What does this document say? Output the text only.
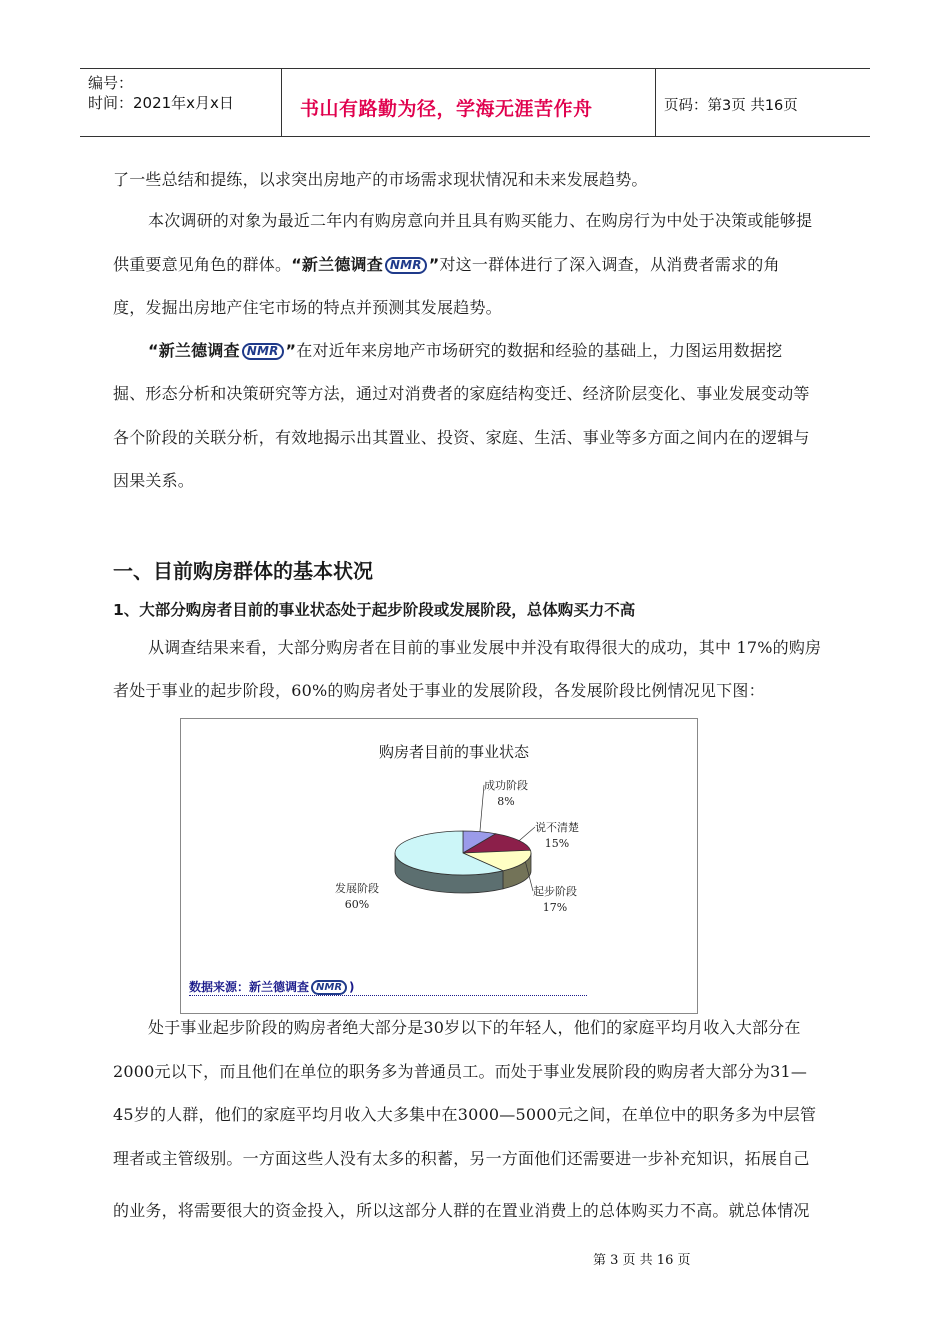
编号：
时间：2021年x月x日	书山有路勤为径，学海无涯苦作舟	页码：第3页 共16页
了一些总结和提练，以求突出房地产的市场需求现状情况和未来发展趋势。
本次调研的对象为最近二年内有购房意向并且具有购买能力、在购房行为中处于决策或能够提
供重要意见角色的群体。“新兰德调查 NMR ”对这一群体进行了深入调查，从消费者需求的角
度，发掘出房地产住宅市场的特点并预测其发展趋势。
“新兰德调查 NMR ”在对近年来房地产市场研究的数据和经验的基础上，力图运用数据挖
掘、形态分析和决策研究等方法，通过对消费者的家庭结构变迁、经济阶层变化、事业发展变动等
各个阶段的关联分析，有效地揭示出其置业、投资、家庭、生活、事业等多方面之间内在的逻辑与
因果关系。
一、目前购房群体的基本状况
1、大部分购房者目前的事业状态处于起步阶段或发展阶段，总体购买力不高
从调查结果来看，大部分购房者在目前的事业发展中并没有取得很大的成功，其中 17%的购房
者处于事业的起步阶段，60%的购房者处于事业的发展阶段，各发展阶段比例情况见下图：
购房者目前的事业状态
成功阶段
8%
说不清楚
15%
起步阶段
17%
发展阶段
60%
数据来源：新兰德调查 NMR )
处于事业起步阶段的购房者绝大部分是30岁以下的年轻人，他们的家庭平均月收入大部分在
2000元以下，而且他们在单位的职务多为普通员工。而处于事业发展阶段的购房者大部分为31—
45岁的人群，他们的家庭平均月收入大多集中在3000—5000元之间，在单位中的职务多为中层管
理者或主管级别。一方面这些人没有太多的积蓄，另一方面他们还需要进一步补充知识，拓展自己
的业务，将需要很大的资金投入，所以这部分人群的在置业消费上的总体购买力不高。就总体情况
第 3 页 共 16 页
